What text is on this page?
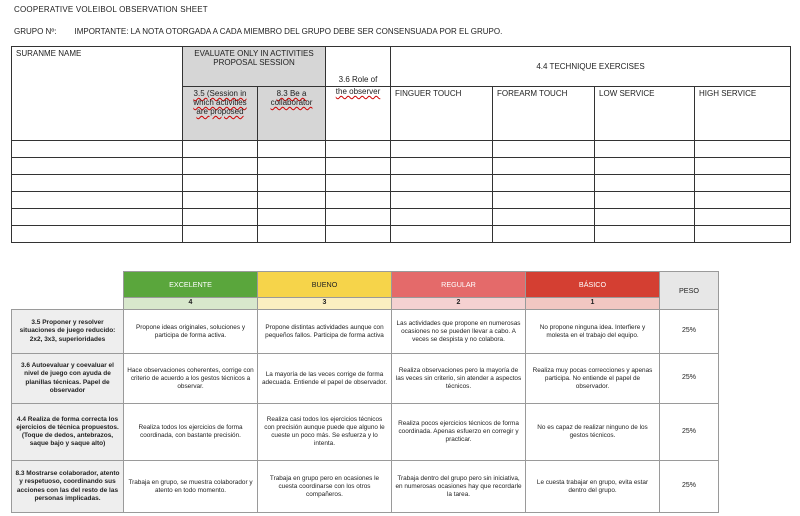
COOPERATIVE VOLEIBOL OBSERVATION SHEET
GRUPO Nº: IMPORTANTE: LA NOTA OTORGADA A CADA MIEMBRO DEL GRUPO DEBE SER CONSENSUADA POR EL GRUPO.
SURANME NAME	EVALUATE ONLY IN ACTIVITIES PROPOSAL SESSION		3.6 Role of	4.4 TECHNIQUE EXERCISES			
	3.5 (Session in which activities are proposed	8.3 Be a collaborator	the observer	FINGUER TOUCH	FOREARM TOUCH	LOW SERVICE	HIGH SERVICE

	EXCELENTE	BUENO	REGULAR	BÁSICO	PESO
	4	3	2	1	
3.5 Proponer y resolver situaciones de juego reducido: 2x2, 3x3, superioridades	Propone ideas originales, soluciones y participa de forma activa.	Propone distintas actividades aunque con pequeños fallos. Participa de forma activa	Las actividades que propone en numerosas ocasiones no se pueden llevar a cabo. A veces se despista y no colabora.	No propone ninguna idea. Interfiere y molesta en el trabajo del equipo.	25%
3.6 Autoevaluar y coevaluar el nivel de juego con ayuda de planillas técnicas. Papel de observador	Hace observaciones coherentes, corrige con criterio de acuerdo a los gestos técnicos a observar.	La mayoría de las veces corrige de forma adecuada. Entiende el papel de observador.	Realiza observaciones pero la mayoría de las veces sin criterio, sin atender a aspectos técnicos.	Realiza muy pocas correcciones y apenas participa. No entiende el papel de observador.	25%
4.4 Realiza de forma correcta los ejercicios de técnica propuestos. (Toque de dedos, antebrazos, saque bajo y saque alto)	Realiza todos los ejercicios de forma coordinada, con bastante precisión.	Realiza casi todos los ejercicios técnicos con precisión aunque puede que alguno le cueste un poco más. Se esfuerza y lo intenta.	Realiza pocos ejercicios técnicos de forma coordinada. Apenas esfuerzo en corregir y practicar.	No es capaz de realizar ninguno de los gestos técnicos.	25%
8.3 Mostrarse colaborador, atento y respetuoso, coordinando sus acciones con las del resto de las personas implicadas.	Trabaja en grupo, se muestra colaborador y atento en todo momento.	Trabaja en grupo pero en ocasiones le cuesta coordinarse con los otros compañeros.	Trabaja dentro del grupo pero sin iniciativa, en numerosas ocasiones hay que recordarle la tarea.	Le cuesta trabajar en grupo, evita estar dentro del grupo.	25%
